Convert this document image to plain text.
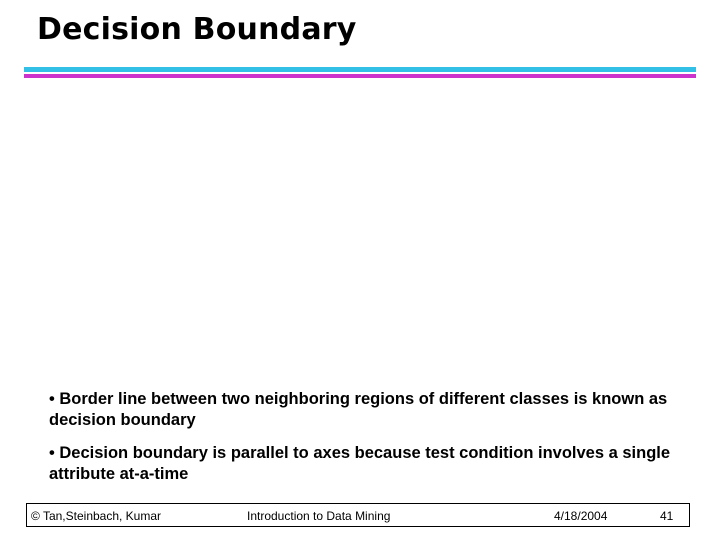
Decision Boundary
• Border line between two neighboring regions of different classes is known as decision boundary
• Decision boundary is parallel to axes because test condition involves a single attribute at-a-time
© Tan,Steinbach, Kumar	Introduction to Data Mining	4/18/2004	41
